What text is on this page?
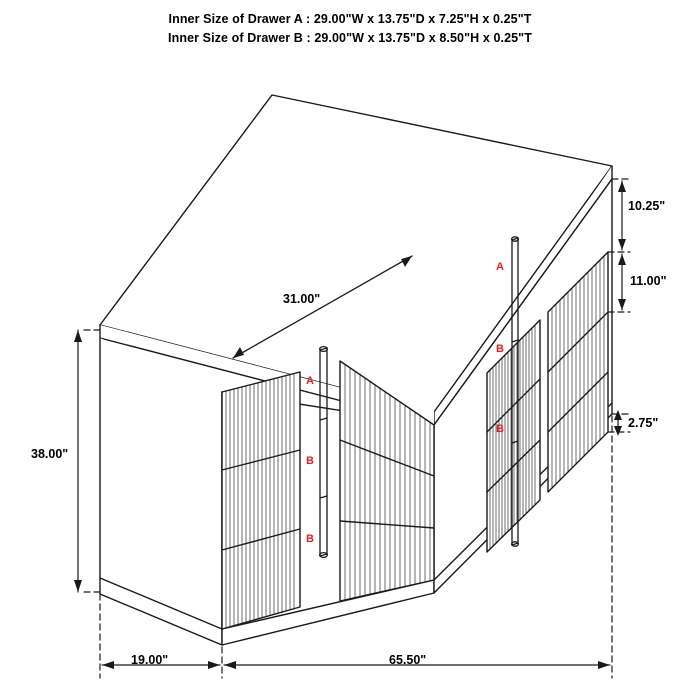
Inner Size of Drawer A : 29.00"W x 13.75"D x 7.25"H x 0.25"T
Inner Size of Drawer B : 29.00"W x 13.75"D x 8.50"H x 0.25"T
31.00"
38.00"
19.00"	65.50"
10.25"
11.00"
2.75"
A
B
B
A
B
B
